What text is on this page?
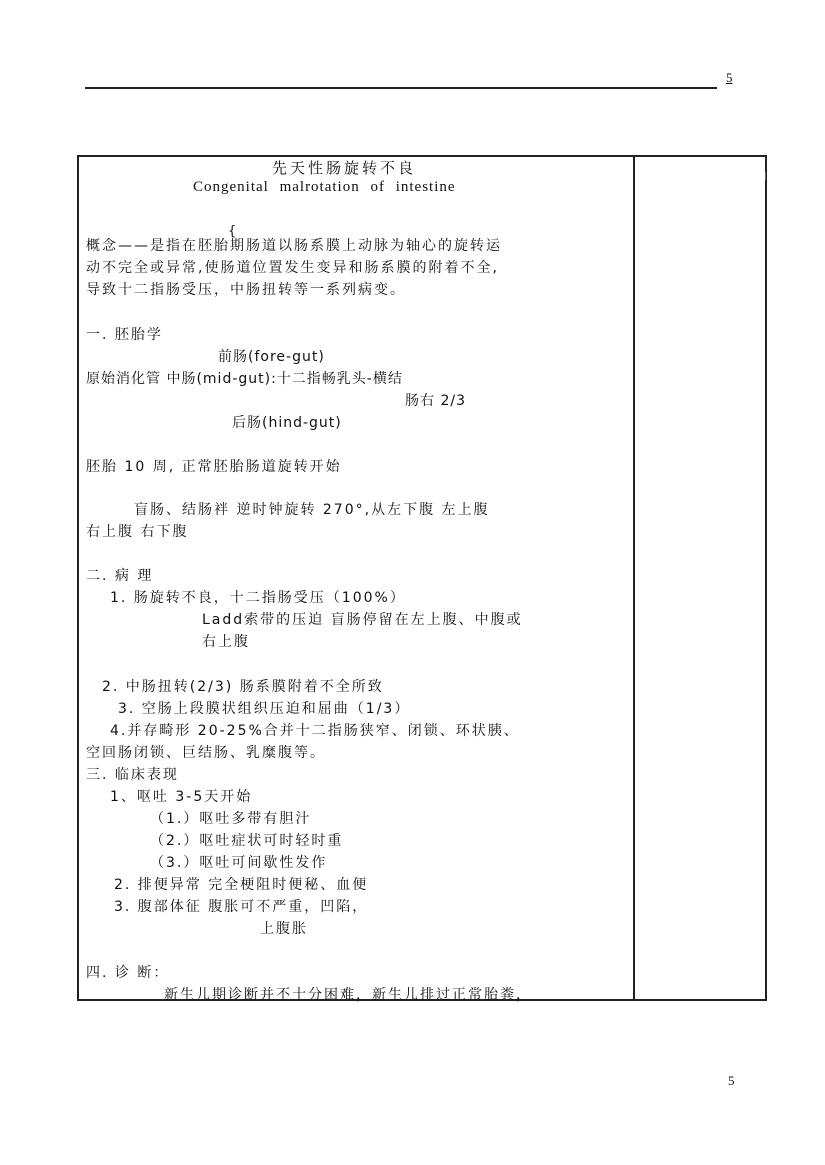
5
先天性肠旋转不良
Congenital malrotation of intestine
{
概念——是指在胚胎期肠道以肠系膜上动脉为轴心的旋转运
动不完全或异常,使肠道位置发生变异和肠系膜的附着不全,
导致十二指肠受压，中肠扭转等一系列病变。
一. 胚胎学
前肠(fore-gut)
原始消化管 中肠(mid-gut):十二指畅乳头-横结
肠右 2/3
后肠(hind-gut)
胚胎 10 周, 正常胚胎肠道旋转开始
盲肠、结肠袢 逆时钟旋转 270°,从左下腹 左上腹
右上腹 右下腹
二. 病 理
1. 肠旋转不良，十二指肠受压（100%）
Ladd索带的压迫 盲肠停留在左上腹、中腹或
右上腹
2. 中肠扭转(2/3) 肠系膜附着不全所致
3. 空肠上段膜状组织压迫和屈曲（1/3）
4.并存畸形 20-25%合并十二指肠狭窄、闭锁、环状胰、
空回肠闭锁、巨结肠、乳糜腹等。
三. 临床表现
1、呕吐 3-5天开始
（1.）呕吐多带有胆汁
（2.）呕吐症状可时轻时重
（3.）呕吐可间歇性发作
2. 排便异常 完全梗阻时便秘、血便
3. 腹部体征 腹胀可不严重，凹陷，
上腹胀
四. 诊 断：
新生儿期诊断并不十分困难，新生儿排过正常胎粪，
5
